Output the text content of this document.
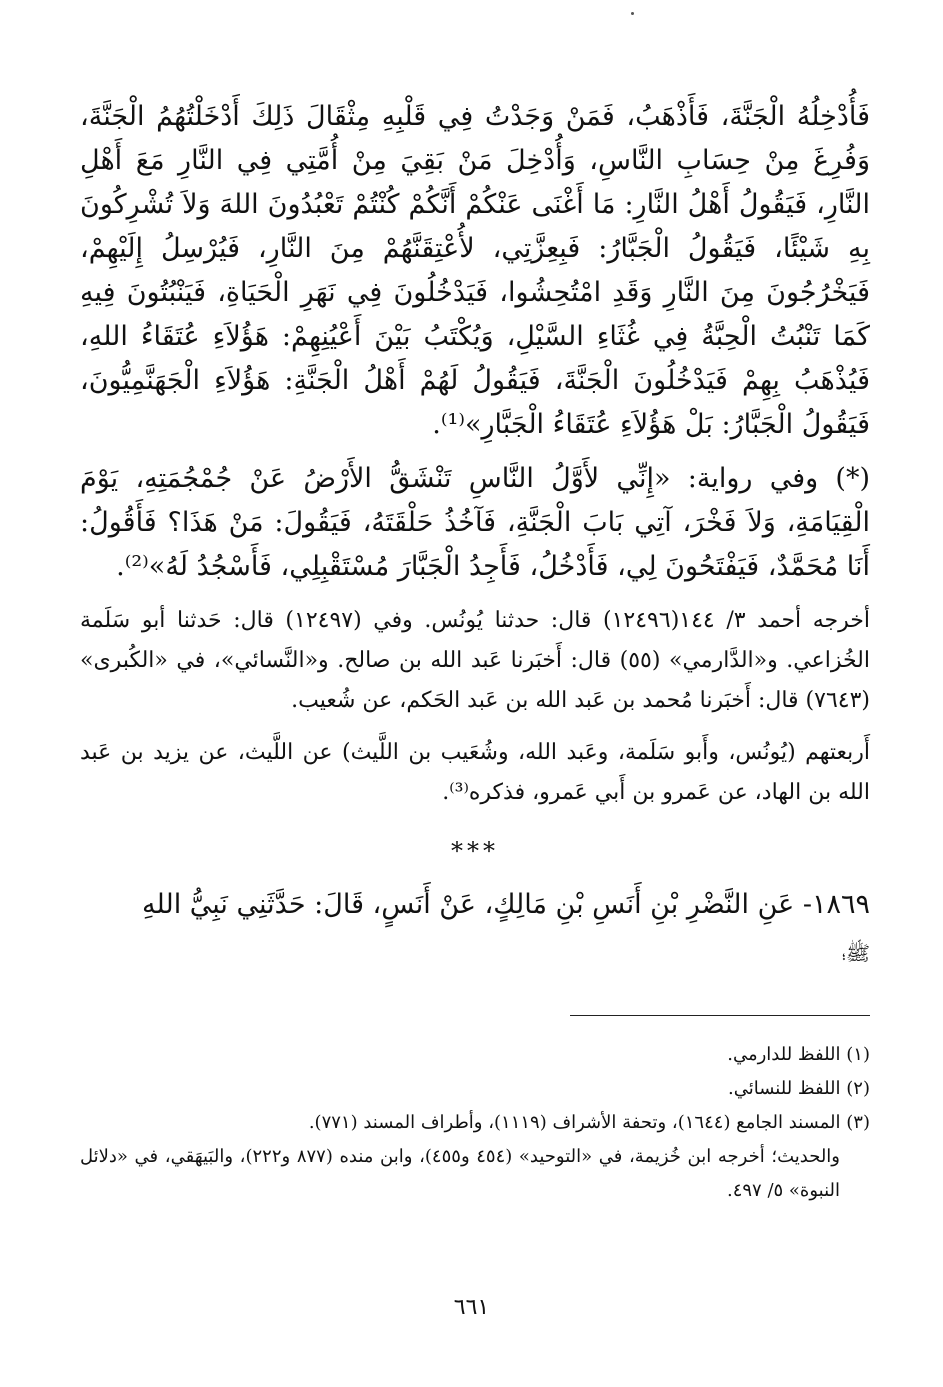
فَأُدْخِلُهُ الْجَنَّةَ، فَأَذْهَبُ، فَمَنْ وَجَدْتُ فِي قَلْبِهِ مِثْقَالَ ذَلِكَ أَدْخَلْتُهُمُ الْجَنَّةَ، وَفُرِغَ مِنْ حِسَابِ النَّاسِ، وَأُدْخِلَ مَنْ بَقِيَ مِنْ أُمَّتِي فِي النَّارِ مَعَ أَهْلِ النَّارِ، فَيَقُولُ أَهْلُ النَّارِ: مَا أَغْنَى عَنْكُمْ أَنَّكُمْ كُنْتُمْ تَعْبُدُونَ اللهَ وَلاَ تُشْرِكُونَ بِهِ شَيْئًا، فَيَقُولُ الْجَبَّارُ: فَبِعِزَّتِي، لأُعْتِقَنَّهُمْ مِنَ النَّارِ، فَيُرْسِلُ إِلَيْهِمْ، فَيَخْرُجُونَ مِنَ النَّارِ وَقَدِ امْتُحِشُوا، فَيَدْخُلُونَ فِي نَهَرِ الْحَيَاةِ، فَيَنْبُتُونَ فِيهِ كَمَا تَنْبُتُ الْحِبَّةُ فِي غُثَاءِ السَّيْلِ، وَيُكْتَبُ بَيْنَ أَعْيُنِهِمْ: هَؤُلاَءِ عُتَقَاءُ اللهِ، فَيُذْهَبُ بِهِمْ فَيَدْخُلُونَ الْجَنَّةَ، فَيَقُولُ لَهُمْ أَهْلُ الْجَنَّةِ: هَؤُلاَءِ الْجَهَنَّمِيُّونَ، فَيَقُولُ الْجَبَّارُ: بَلْ هَؤُلاَءِ عُتَقَاءُ الْجَبَّارِ»⁽¹⁾.

(*) وفي رواية: «إِنِّي لأَوَّلُ النَّاسِ تَنْشَقُّ الأَرْضُ عَنْ جُمْجُمَتِهِ، يَوْمَ الْقِيَامَةِ، وَلاَ فَخْرَ، آتِي بَابَ الْجَنَّةِ، فَآخُذُ حَلْقَتَهُ، فَيَقُولَ: مَنْ هَذَا؟ فَأَقُولُ: أَنَا مُحَمَّدٌ، فَيَفْتَحُونَ لِي، فَأَدْخُلُ، فَأَجِدُ الْجَبَّارَ مُسْتَقْبِلِي، فَأَسْجُدُ لَهُ»⁽²⁾.

أخرجه أحمد ٣/ ١٤٤(١٢٤٩٦) قال: حدثنا يُونُس. وفي (١٢٤٩٧) قال: حَدثنا أبو سَلَمة الخُزاعي. و«الدَّارمي» (٥٥) قال: أَخبَرنا عَبد الله بن صالح. و«النَّسائي»، في «الكُبرى» (٧٦٤٣) قال: أَخبَرنا مُحمد بن عَبد الله بن عَبد الحَكم، عن شُعيب.

أَربعتهم (يُونُس، وأَبو سَلَمة، وعَبد الله، وشُعَيب بن اللَّيث) عن اللَّيث، عن يزيد بن عَبد الله بن الهاد، عن عَمرو بن أَبي عَمرو، فذكره⁽³⁾.

***

١٨٦٩- عَنِ النَّضْرِ بْنِ أَنَسِ بْنِ مَالِكٍ، عَنْ أَنَسٍ، قَالَ: حَدَّثَنِي نَبِيُّ اللهِ
ﷺ؛

(١) اللفظ للدارمي.

(٢) اللفظ للنسائي.

(٣) المسند الجامع (١٦٤٤)، وتحفة الأشراف (١١١٩)، وأطراف المسند (٧٧١).

والحديث؛ أخرجه ابن خُزيمة، في «التوحيد» (٤٥٤ و٤٥٥)، وابن منده (٨٧٧ و٢٢٢)، والبَيهَقي، في «دلائل النبوة» ٥/ ٤٩٧.

٦٦١
